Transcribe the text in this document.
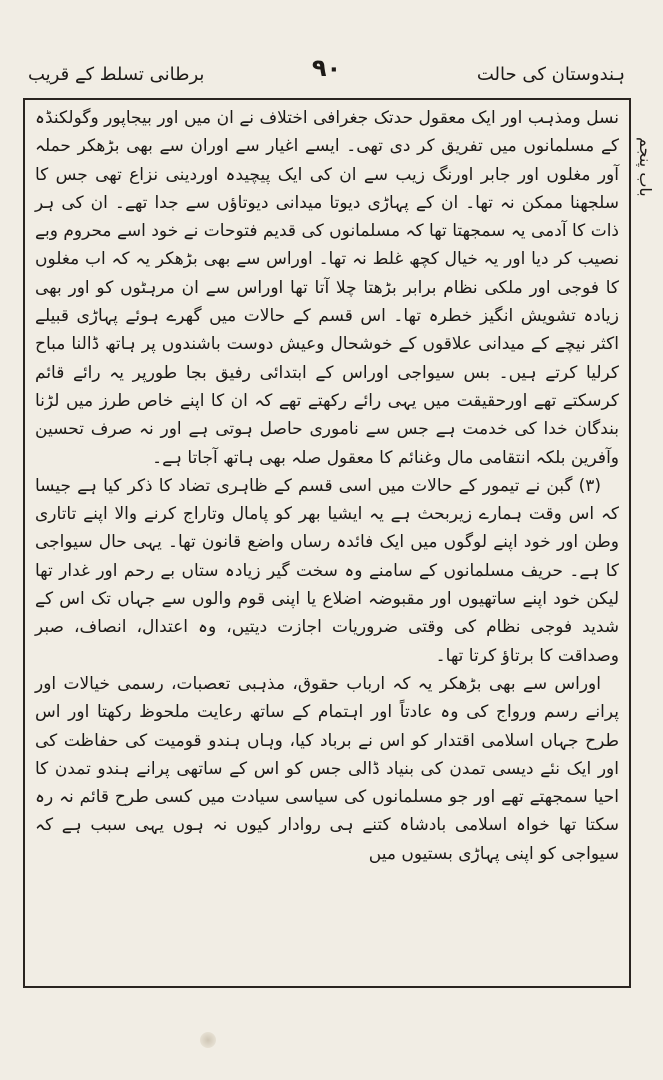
برطانی تسلط کے قریب	۹۰	ہندوستان کی حالت
باب پنجم

نسل ومذہب اور ایک معقول حدتک جغرافی اختلاف نے ان میں اور بیجاپور وگولکنڈہ کے مسلمانوں میں تفریق کر دی تھی۔ ایسے اغیار سے اوران سے بھی بڑھکر حملہ آور مغلوں اور جابر اورنگ زیب سے ان کی ایک پیچیدہ اوردینی نزاع تھی جس کا سلجھنا ممکن نہ تھا۔ ان کے پہاڑی دیوتا میدانی دیوتاؤں سے جدا تھے۔ ان کی ہر ذات کا آدمی یہ سمجھتا تھا کہ مسلمانوں کی قدیم فتوحات نے خود اسے محروم وبے نصیب کر دیا اور یہ خیال کچھ غلط نہ تھا۔ اوراس سے بھی بڑھکر یہ کہ اب مغلوں کا فوجی اور ملکی نظام برابر بڑھتا چلا آتا تھا اوراس سے ان مرہٹوں کو اور بھی زیادہ تشویش انگیز خطرہ تھا۔ اس قسم کے حالات میں گھرے ہوئے پہاڑی قبیلے اکثر نیچے کے میدانی علاقوں کے خوشحال وعیش دوست باشندوں پر ہاتھ ڈالنا مباح کرلیا کرتے ہیں۔ بس سیواجی اوراس کے ابتدائی رفیق بجا طورپر یہ رائے قائم کرسکتے تھے اورحقیقت میں یہی رائے رکھتے تھے کہ ان کا اپنے خاص طرز میں لڑنا بندگان خدا کی خدمت ہے جس سے ناموری حاصل ہوتی ہے اور نہ صرف تحسین وآفرین بلکہ انتقامی مال وغنائم کا معقول صلہ بھی ہاتھ آجاتا ہے۔

(۳) گبن نے تیمور کے حالات میں اسی قسم کے ظاہری تضاد کا ذکر کیا ہے جیسا کہ اس وقت ہمارے زیربحث ہے یہ ایشیا بھر کو پامال وتاراج کرنے والا اپنے تاتاری وطن اور خود اپنے لوگوں میں ایک فائدہ رساں واضع قانون تھا۔ یہی حال سیواجی کا ہے۔ حریف مسلمانوں کے سامنے وہ سخت گیر زیادہ ستاں بے رحم اور غدار تھا لیکن خود اپنے ساتھیوں اور مقبوضہ اضلاع یا اپنی قوم والوں سے جہاں تک اس کے شدید فوجی نظام کی وقتی ضروریات اجازت دیتیں، وہ اعتدال، انصاف، صبر وصداقت کا برتاؤ کرتا تھا۔

اوراس سے بھی بڑھکر یہ کہ ارباب حقوق، مذہبی تعصبات، رسمی خیالات اور پرانے رسم ورواج کی وہ عادتاً اور اہتمام کے ساتھ رعایت ملحوظ رکھتا اور اس طرح جہاں اسلامی اقتدار کو اس نے برباد کیا، وہاں ہندو قومیت کی حفاظت کی اور ایک نئے دیسی تمدن کی بنیاد ڈالی جس کو اس کے ساتھی پرانے ہندو تمدن کا احیا سمجھتے تھے اور جو مسلمانوں کی سیاسی سیادت میں کسی طرح قائم نہ رہ سکتا تھا خواہ اسلامی بادشاہ کتنے ہی روادار کیوں نہ ہوں یہی سبب ہے کہ سیواجی کو اپنی پہاڑی بستیوں میں
